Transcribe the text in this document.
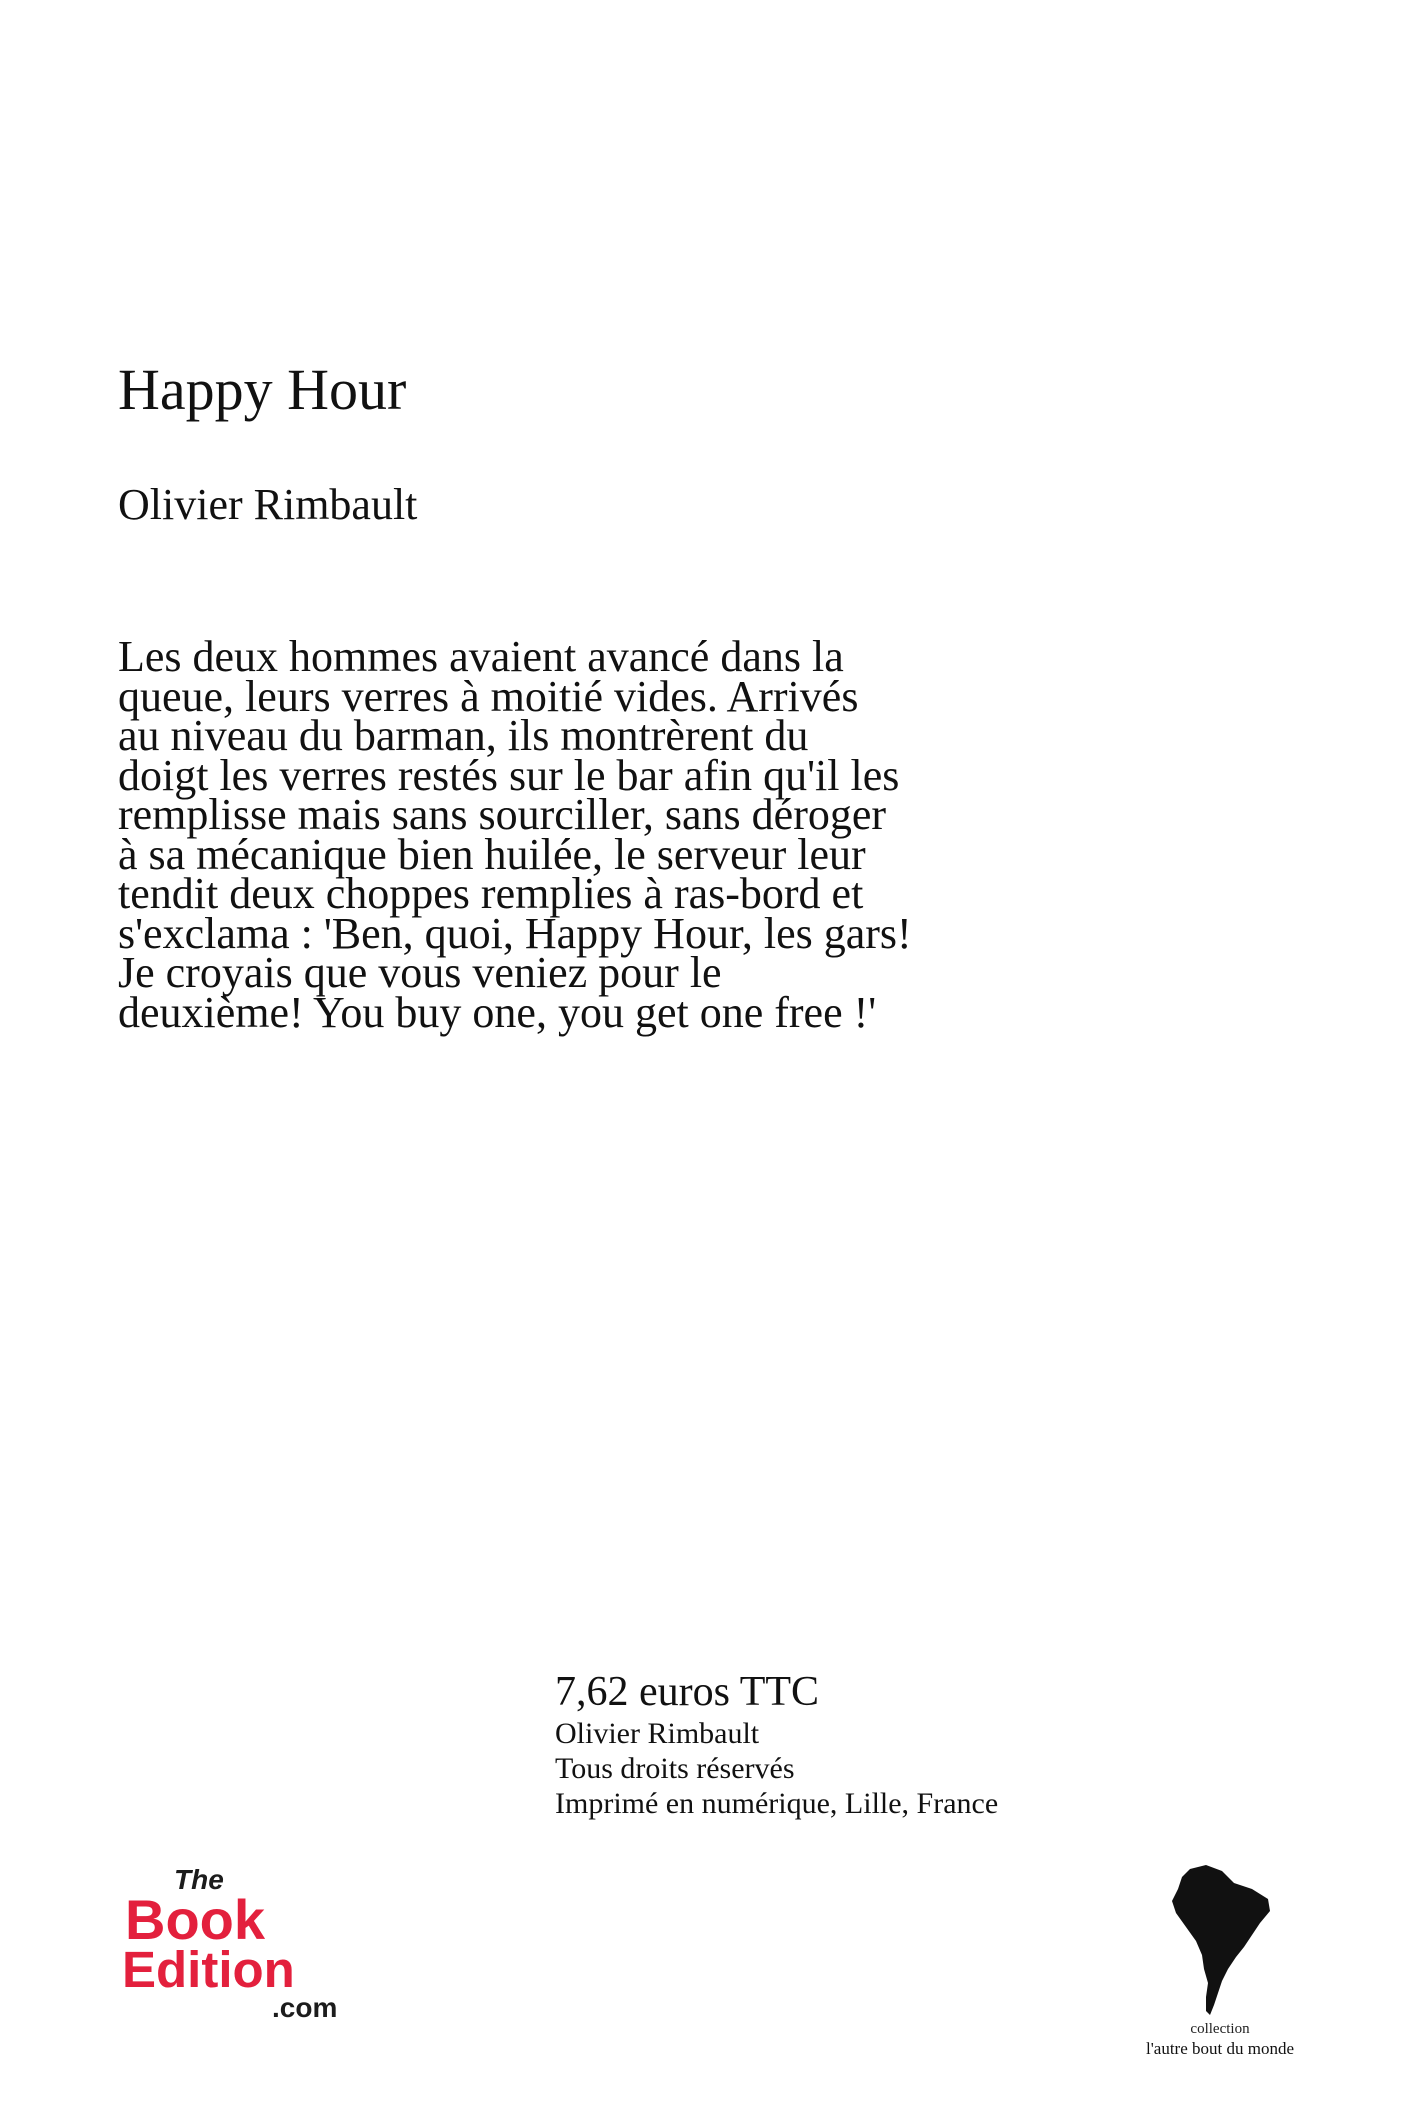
Happy Hour
Olivier Rimbault
Les deux hommes avaient avancé dans la
queue, leurs verres à moitié vides. Arrivés
au niveau du barman, ils montrèrent du
doigt les verres restés sur le bar afin qu'il les
remplisse mais sans sourciller, sans déroger
à sa mécanique bien huilée, le serveur leur
tendit deux choppes remplies à ras-bord et
s'exclama : 'Ben, quoi, Happy Hour, les gars!
Je croyais que vous veniez pour le
deuxième! You buy one, you get one free !'
7,62 euros TTC
Olivier Rimbault
Tous droits réservés
Imprimé en numérique, Lille, France
The
Book
Edition
.com
collection
l'autre bout du monde
